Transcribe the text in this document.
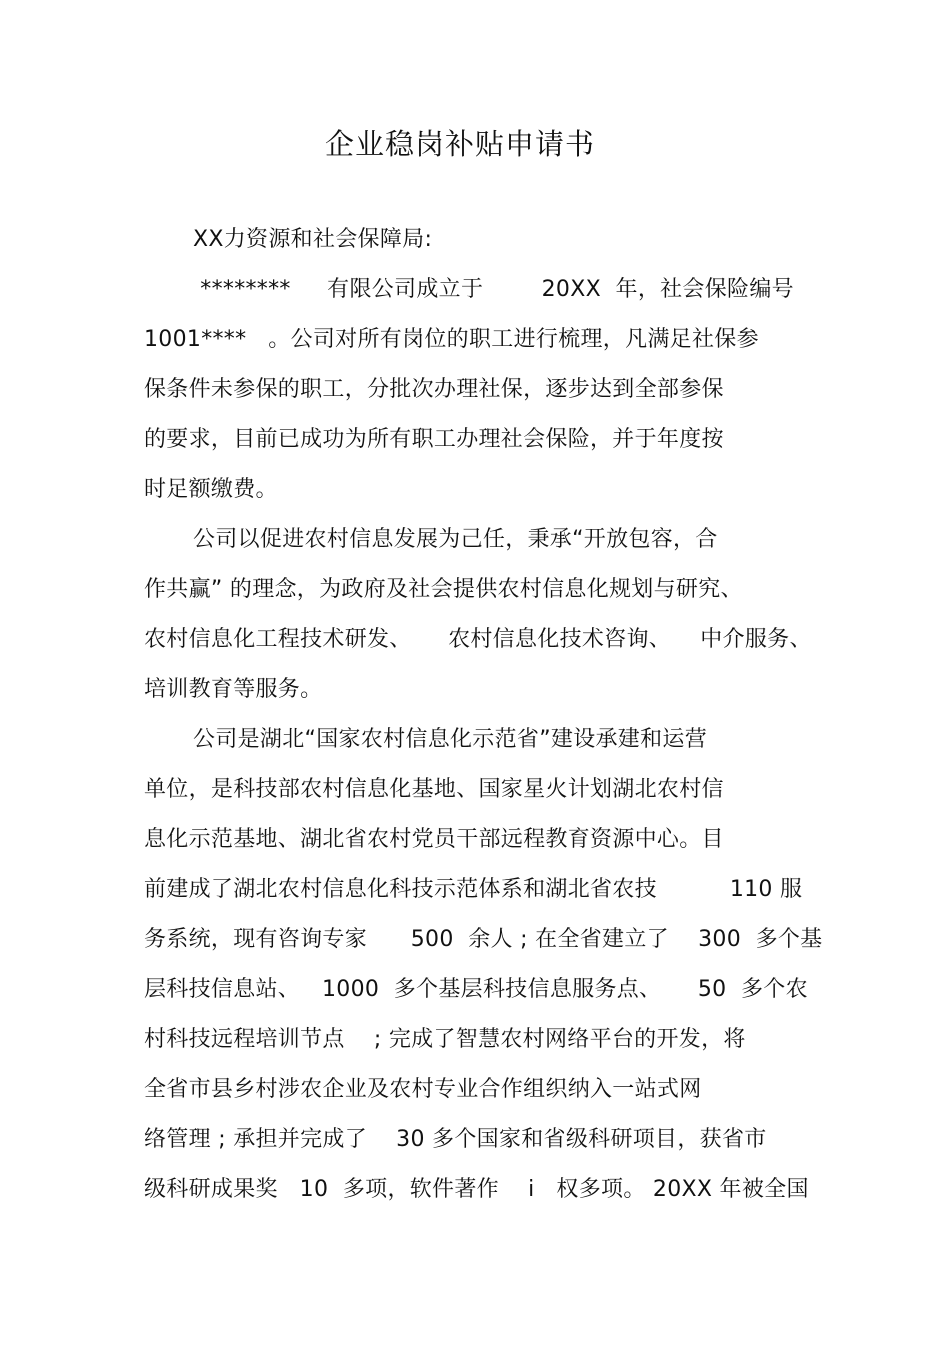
企业稳岗补贴申请书
XX力资源和社会保障局:
********     有限公司成立于        20XX  年，社会保险编号
1001****   。公司对所有岗位的职工进行梳理，凡满足社保参
保条件未参保的职工，分批次办理社保，逐步达到全部参保
的要求，目前已成功为所有职工办理社会保险，并于年度按
时足额缴费。
公司以促进农村信息发展为己任，秉承“开放包容，合
作共赢” 的理念，为政府及社会提供农村信息化规划与研究、
农村信息化工程技术研发、     农村信息化技术咨询、    中介服务、
培训教育等服务。
公司是湖北“国家农村信息化示范省”建设承建和运营
单位，是科技部农村信息化基地、国家星火计划湖北农村信
息化示范基地、湖北省农村党员干部远程教育资源中心。目
前建成了湖北农村信息化科技示范体系和湖北省农技          110 服
务系统，现有咨询专家      500  余人 ; 在全省建立了    300  多个基
层科技信息站、   1000  多个基层科技信息服务点、     50  多个农
村科技远程培训节点    ; 完成了智慧农村网络平台的开发，将
全省市县乡村涉农企业及农村专业合作组织纳入一站式网
络管理 ; 承担并完成了    30 多个国家和省级科研项目，获省市
级科研成果奖   10  多项，软件著作    i   权多项。 20XX 年被全国
